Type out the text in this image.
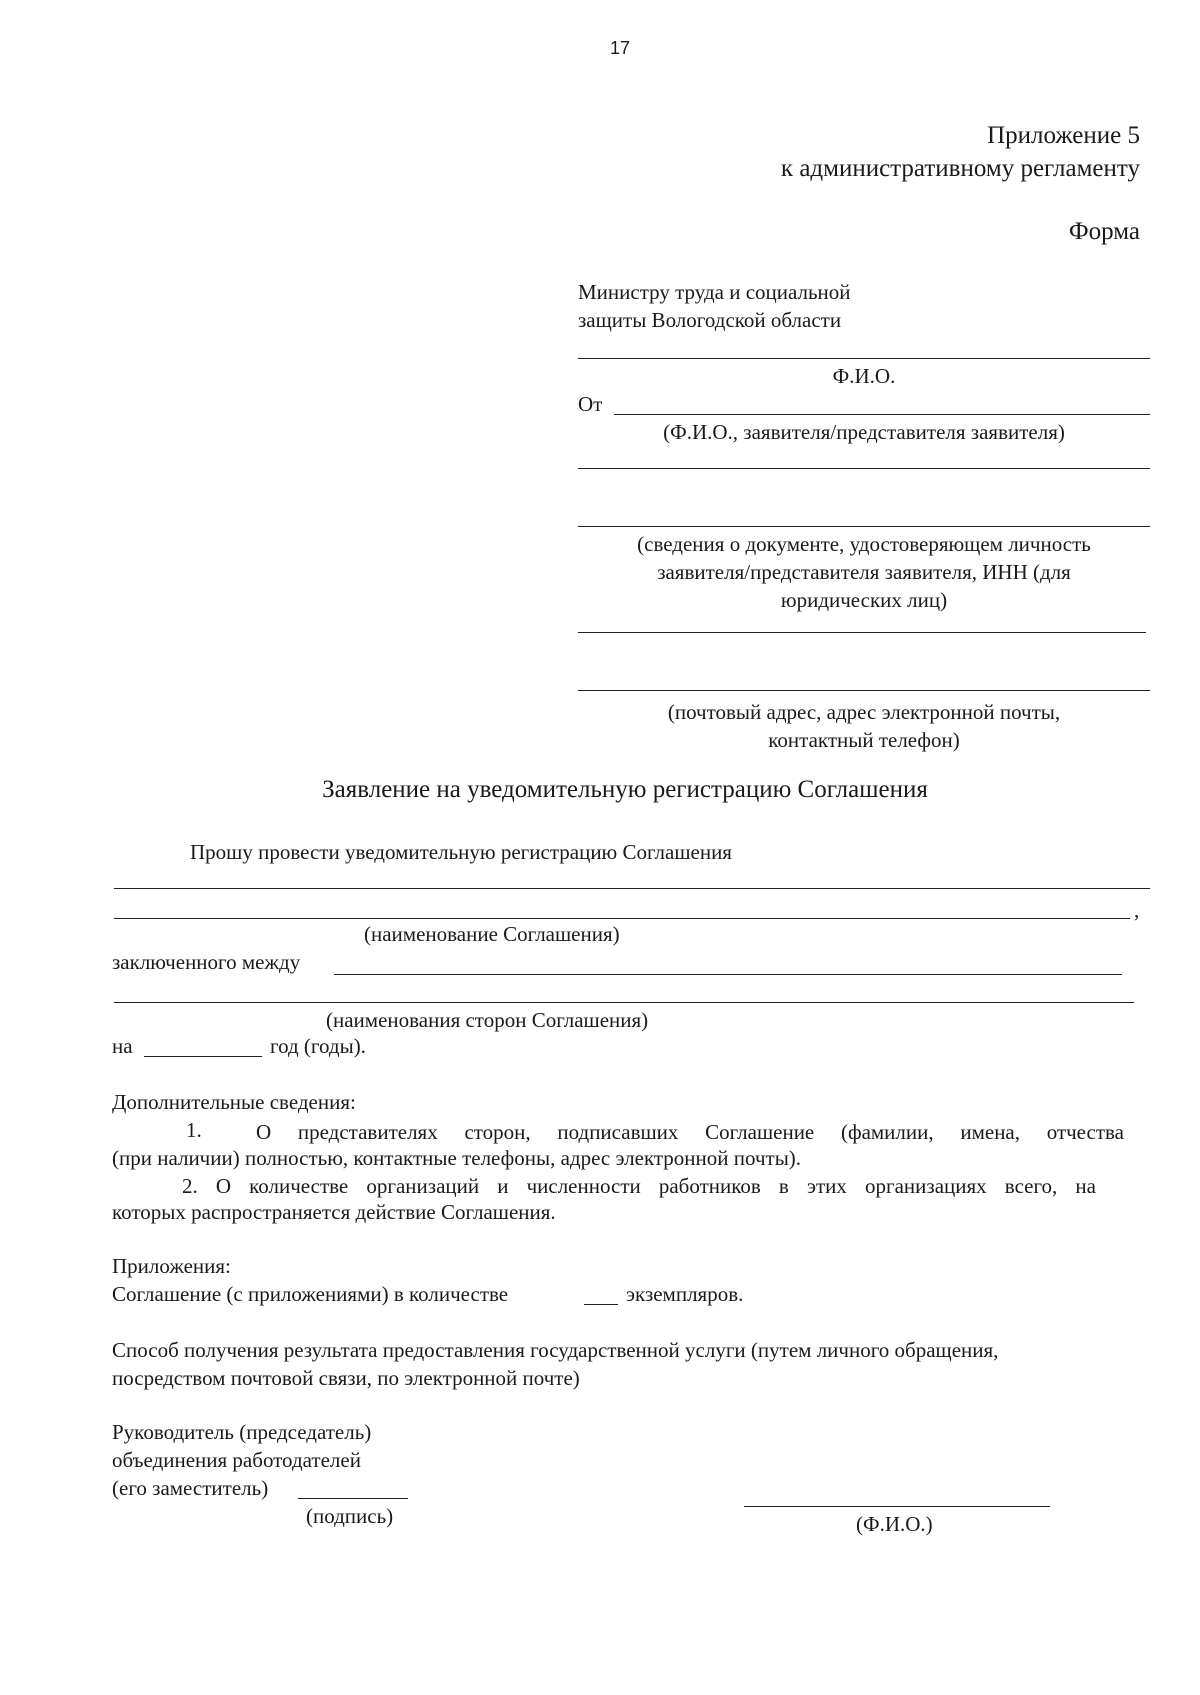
17
Приложение 5
к административному регламенту
Форма
Министру труда и социальной
защиты Вологодской области
Ф.И.О.
От
(Ф.И.О., заявителя/представителя заявителя)
(сведения о документе, удостоверяющем личность
заявителя/представителя заявителя, ИНН (для
юридических лиц)
(почтовый адрес, адрес электронной почты,
контактный телефон)
Заявление на уведомительную регистрацию Соглашения
Прошу провести уведомительную регистрацию Соглашения
,
(наименование Соглашения)
заключенного между
(наименования сторон Соглашения)
на	год (годы).
Дополнительные сведения:
1.	О представителях сторон, подписавших Соглашение (фамилии, имена, отчества
(при наличии) полностью, контактные телефоны, адрес электронной почты).
2. О количестве организаций и численности работников в этих организациях всего, на
которых распространяется действие Соглашения.
Приложения:
Соглашение (с приложениями) в количестве	экземпляров.
Способ получения результата предоставления государственной услуги (путем личного обращения,
посредством почтовой связи, по электронной почте)
Руководитель (председатель)
объединения работодателей
(его заместитель)
(подпись)	(Ф.И.О.)
